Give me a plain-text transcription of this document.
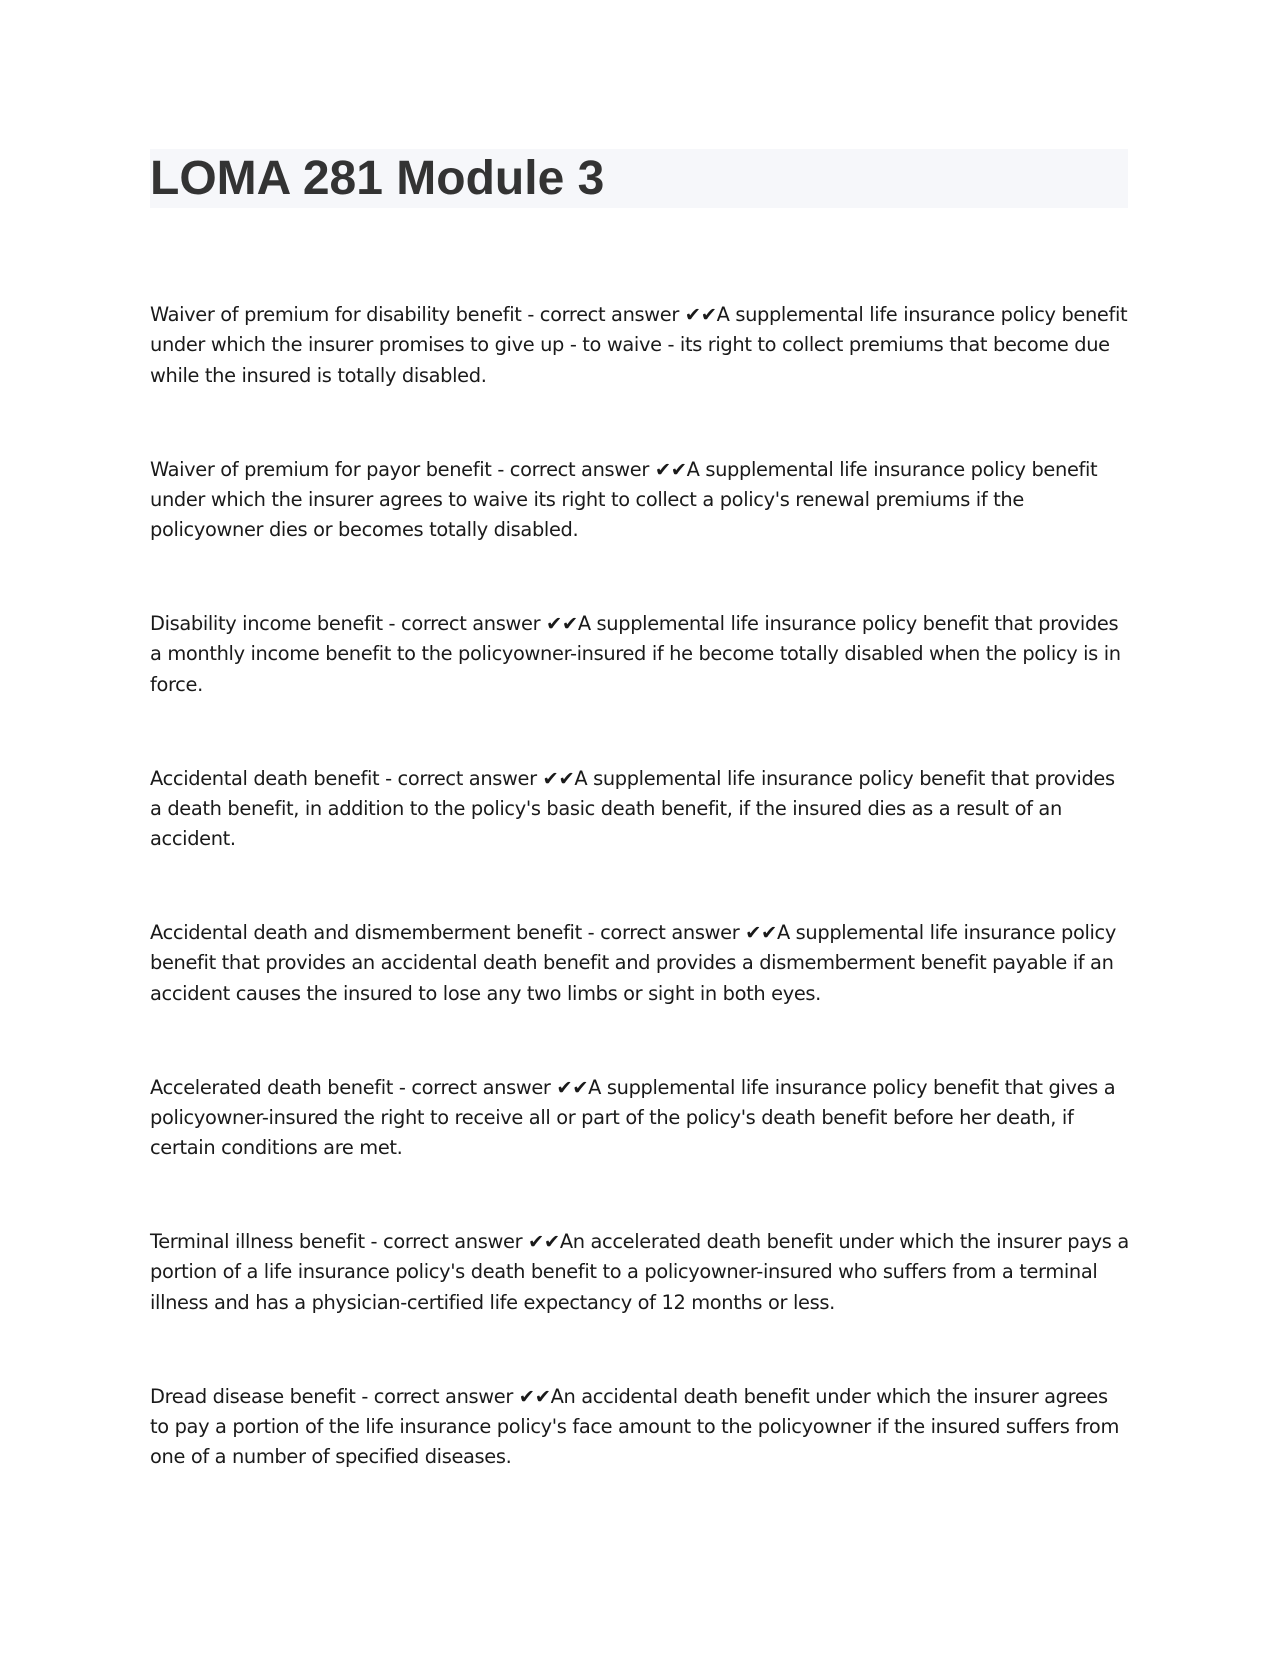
LOMA 281 Module 3

Waiver of premium for disability benefit - correct answer ✔✔A supplemental life insurance policy benefit under which the insurer promises to give up - to waive - its right to collect premiums that become due while the insured is totally disabled.

Waiver of premium for payor benefit - correct answer ✔✔A supplemental life insurance policy benefit under which the insurer agrees to waive its right to collect a policy's renewal premiums if the policyowner dies or becomes totally disabled.

Disability income benefit - correct answer ✔✔A supplemental life insurance policy benefit that provides a monthly income benefit to the policyowner-insured if he become totally disabled when the policy is in force.

Accidental death benefit - correct answer ✔✔A supplemental life insurance policy benefit that provides a death benefit, in addition to the policy's basic death benefit, if the insured dies as a result of an accident.

Accidental death and dismemberment benefit - correct answer ✔✔A supplemental life insurance policy benefit that provides an accidental death benefit and provides a dismemberment benefit payable if an accident causes the insured to lose any two limbs or sight in both eyes.

Accelerated death benefit - correct answer ✔✔A supplemental life insurance policy benefit that gives a policyowner-insured the right to receive all or part of the policy's death benefit before her death, if certain conditions are met.

Terminal illness benefit - correct answer ✔✔An accelerated death benefit under which the insurer pays a portion of a life insurance policy's death benefit to a policyowner-insured who suffers from a terminal illness and has a physician-certified life expectancy of 12 months or less.

Dread disease benefit - correct answer ✔✔An accidental death benefit under which the insurer agrees to pay a portion of the life insurance policy's face amount to the policyowner if the insured suffers from one of a number of specified diseases.
